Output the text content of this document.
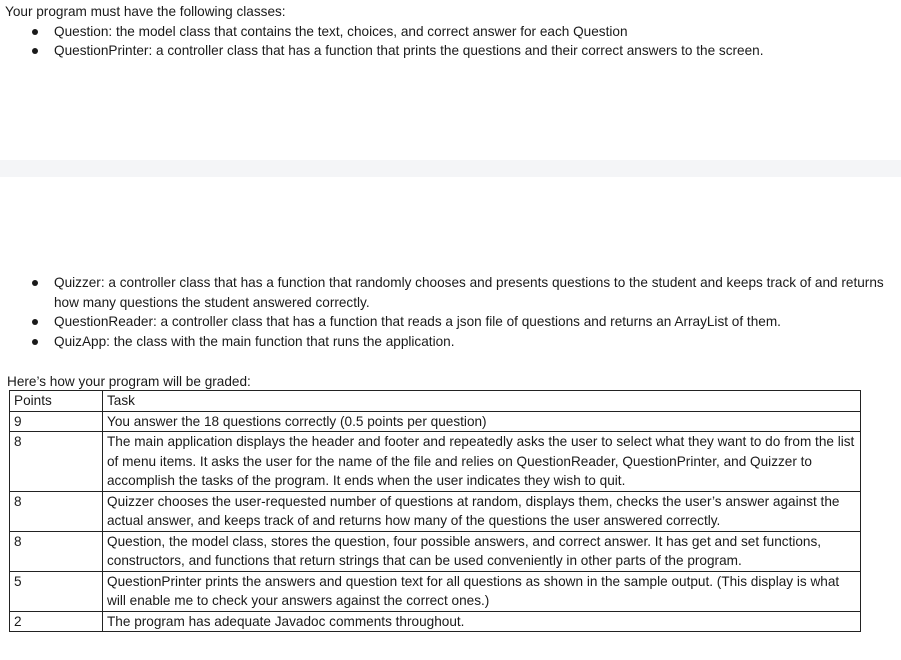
Your program must have the following classes:
Question: the model class that contains the text, choices, and correct answer for each Question
QuestionPrinter: a controller class that has a function that prints the questions and their correct answers to the screen.
Quizzer: a controller class that has a function that randomly chooses and presents questions to the student and keeps track of and returns how many questions the student answered correctly.
QuestionReader: a controller class that has a function that reads a json file of questions and returns an ArrayList of them.
QuizApp: the class with the main function that runs the application.
Here’s how your program will be graded:
Points	Task
9	You answer the 18 questions correctly (0.5 points per question)
8	The main application displays the header and footer and repeatedly asks the user to select what they want to do from the list of menu items. It asks the user for the name of the file and relies on QuestionReader, QuestionPrinter, and Quizzer to accomplish the tasks of the program. It ends when the user indicates they wish to quit.
8	Quizzer chooses the user-requested number of questions at random, displays them, checks the user’s answer against the actual answer, and keeps track of and returns how many of the questions the user answered correctly.
8	Question, the model class, stores the question, four possible answers, and correct answer. It has get and set functions, constructors, and functions that return strings that can be used conveniently in other parts of the program.
5	QuestionPrinter prints the answers and question text for all questions as shown in the sample output. (This display is what will enable me to check your answers against the correct ones.)
2	The program has adequate Javadoc comments throughout.
